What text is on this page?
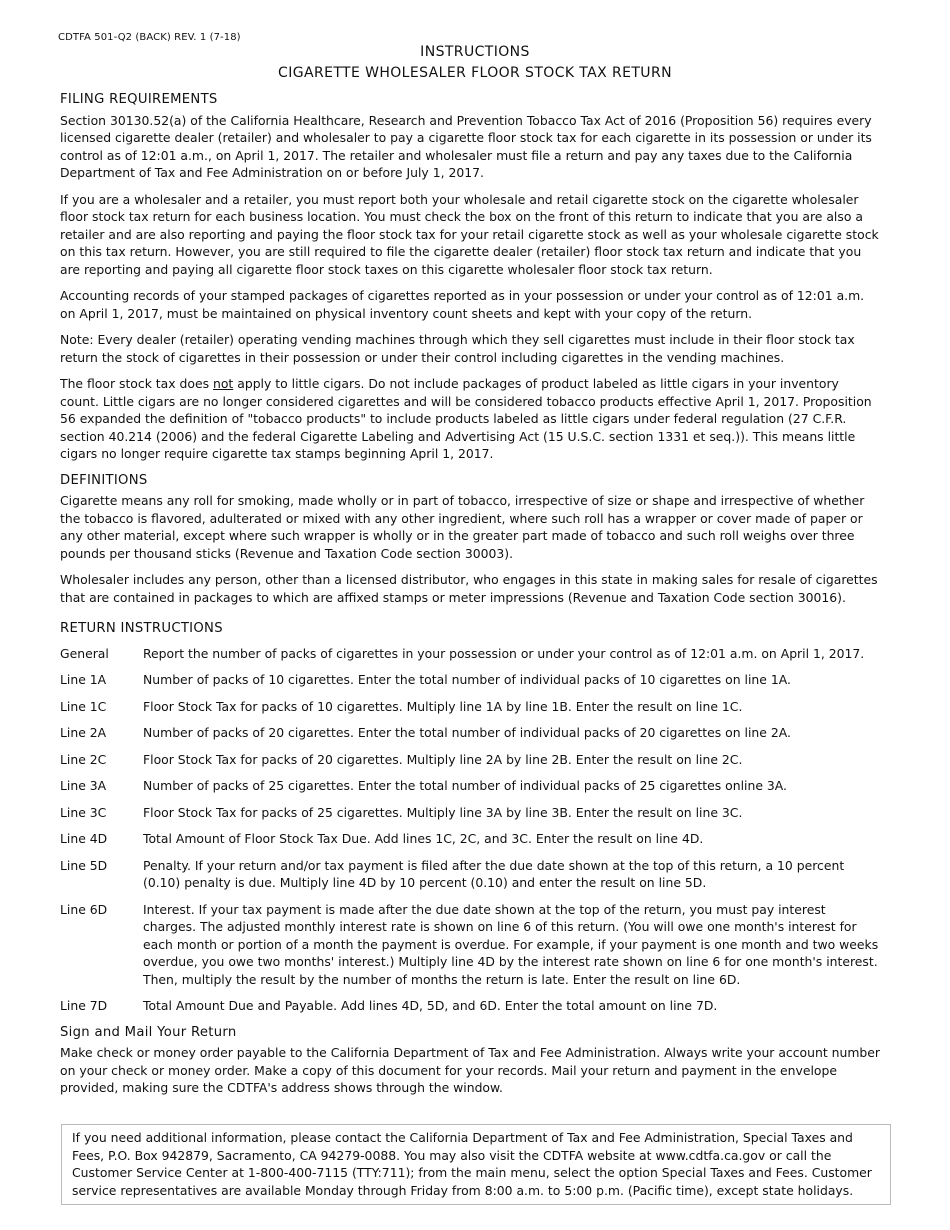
CDTFA 501-Q2 (BACK) REV. 1 (7-18)
INSTRUCTIONS
CIGARETTE WHOLESALER FLOOR STOCK TAX RETURN
FILING REQUIREMENTS

Section 30130.52(a) of the California Healthcare, Research and Prevention Tobacco Tax Act of 2016 (Proposition 56) requires every licensed cigarette dealer (retailer) and wholesaler to pay a cigarette floor stock tax for each cigarette in its possession or under its control as of 12:01 a.m., on April 1, 2017. The retailer and wholesaler must file a return and pay any taxes due to the California Department of Tax and Fee Administration on or before July 1, 2017.

If you are a wholesaler and a retailer, you must report both your wholesale and retail cigarette stock on the cigarette wholesaler floor stock tax return for each business location. You must check the box on the front of this return to indicate that you are also a retailer and are also reporting and paying the floor stock tax for your retail cigarette stock as well as your wholesale cigarette stock on this tax return. However, you are still required to file the cigarette dealer (retailer) floor stock tax return and indicate that you are reporting and paying all cigarette floor stock taxes on this cigarette wholesaler floor stock tax return.

Accounting records of your stamped packages of cigarettes reported as in your possession or under your control as of 12:01 a.m. on April 1, 2017, must be maintained on physical inventory count sheets and kept with your copy of the return.

Note: Every dealer (retailer) operating vending machines through which they sell cigarettes must include in their floor stock tax return the stock of cigarettes in their possession or under their control including cigarettes in the vending machines.

The floor stock tax does not apply to little cigars. Do not include packages of product labeled as little cigars in your inventory count. Little cigars are no longer considered cigarettes and will be considered tobacco products effective April 1, 2017. Proposition 56 expanded the definition of "tobacco products" to include products labeled as little cigars under federal regulation (27 C.F.R. section 40.214 (2006) and the federal Cigarette Labeling and Advertising Act (15 U.S.C. section 1331 et seq.)). This means little cigars no longer require cigarette tax stamps beginning April 1, 2017.

DEFINITIONS

Cigarette means any roll for smoking, made wholly or in part of tobacco, irrespective of size or shape and irrespective of whether the tobacco is flavored, adulterated or mixed with any other ingredient, where such roll has a wrapper or cover made of paper or any other material, except where such wrapper is wholly or in the greater part made of tobacco and such roll weighs over three pounds per thousand sticks (Revenue and Taxation Code section 30003).

Wholesaler includes any person, other than a licensed distributor, who engages in this state in making sales for resale of cigarettes that are contained in packages to which are affixed stamps or meter impressions (Revenue and Taxation Code section 30016).

RETURN INSTRUCTIONS
General	Report the number of packs of cigarettes in your possession or under your control as of 12:01 a.m. on April 1, 2017.
Line 1A	Number of packs of 10 cigarettes. Enter the total number of individual packs of 10 cigarettes on line 1A.
Line 1C	Floor Stock Tax for packs of 10 cigarettes. Multiply line 1A by line 1B. Enter the result on line 1C.
Line 2A	Number of packs of 20 cigarettes. Enter the total number of individual packs of 20 cigarettes on line 2A.
Line 2C	Floor Stock Tax for packs of 20 cigarettes. Multiply line 2A by line 2B. Enter the result on line 2C.
Line 3A	Number of packs of 25 cigarettes. Enter the total number of individual packs of 25 cigarettes online 3A.
Line 3C	Floor Stock Tax for packs of 25 cigarettes. Multiply line 3A by line 3B. Enter the result on line 3C.
Line 4D	Total Amount of Floor Stock Tax Due. Add lines 1C, 2C, and 3C. Enter the result on line 4D.
Line 5D	Penalty. If your return and/or tax payment is filed after the due date shown at the top of this return, a 10 percent (0.10) penalty is due. Multiply line 4D by 10 percent (0.10) and enter the result on line 5D.
Line 6D	Interest. If your tax payment is made after the due date shown at the top of the return, you must pay interest charges. The adjusted monthly interest rate is shown on line 6 of this return. (You will owe one month's interest for each month or portion of a month the payment is overdue. For example, if your payment is one month and two weeks overdue, you owe two months' interest.) Multiply line 4D by the interest rate shown on line 6 for one month's interest. Then, multiply the result by the number of months the return is late. Enter the result on line 6D.
Line 7D	Total Amount Due and Payable. Add lines 4D, 5D, and 6D. Enter the total amount on line 7D.
Sign and Mail Your Return

Make check or money order payable to the California Department of Tax and Fee Administration. Always write your account number on your check or money order. Make a copy of this document for your records. Mail your return and payment in the envelope provided, making sure the CDTFA's address shows through the window.

If you need additional information, please contact the California Department of Tax and Fee Administration, Special Taxes and Fees, P.O. Box 942879, Sacramento, CA 94279-0088. You may also visit the CDTFA website at www.cdtfa.ca.gov or call the Customer Service Center at 1-800-400-7115 (TTY:711); from the main menu, select the option Special Taxes and Fees. Customer service representatives are available Monday through Friday from 8:00 a.m. to 5:00 p.m. (Pacific time), except state holidays.
